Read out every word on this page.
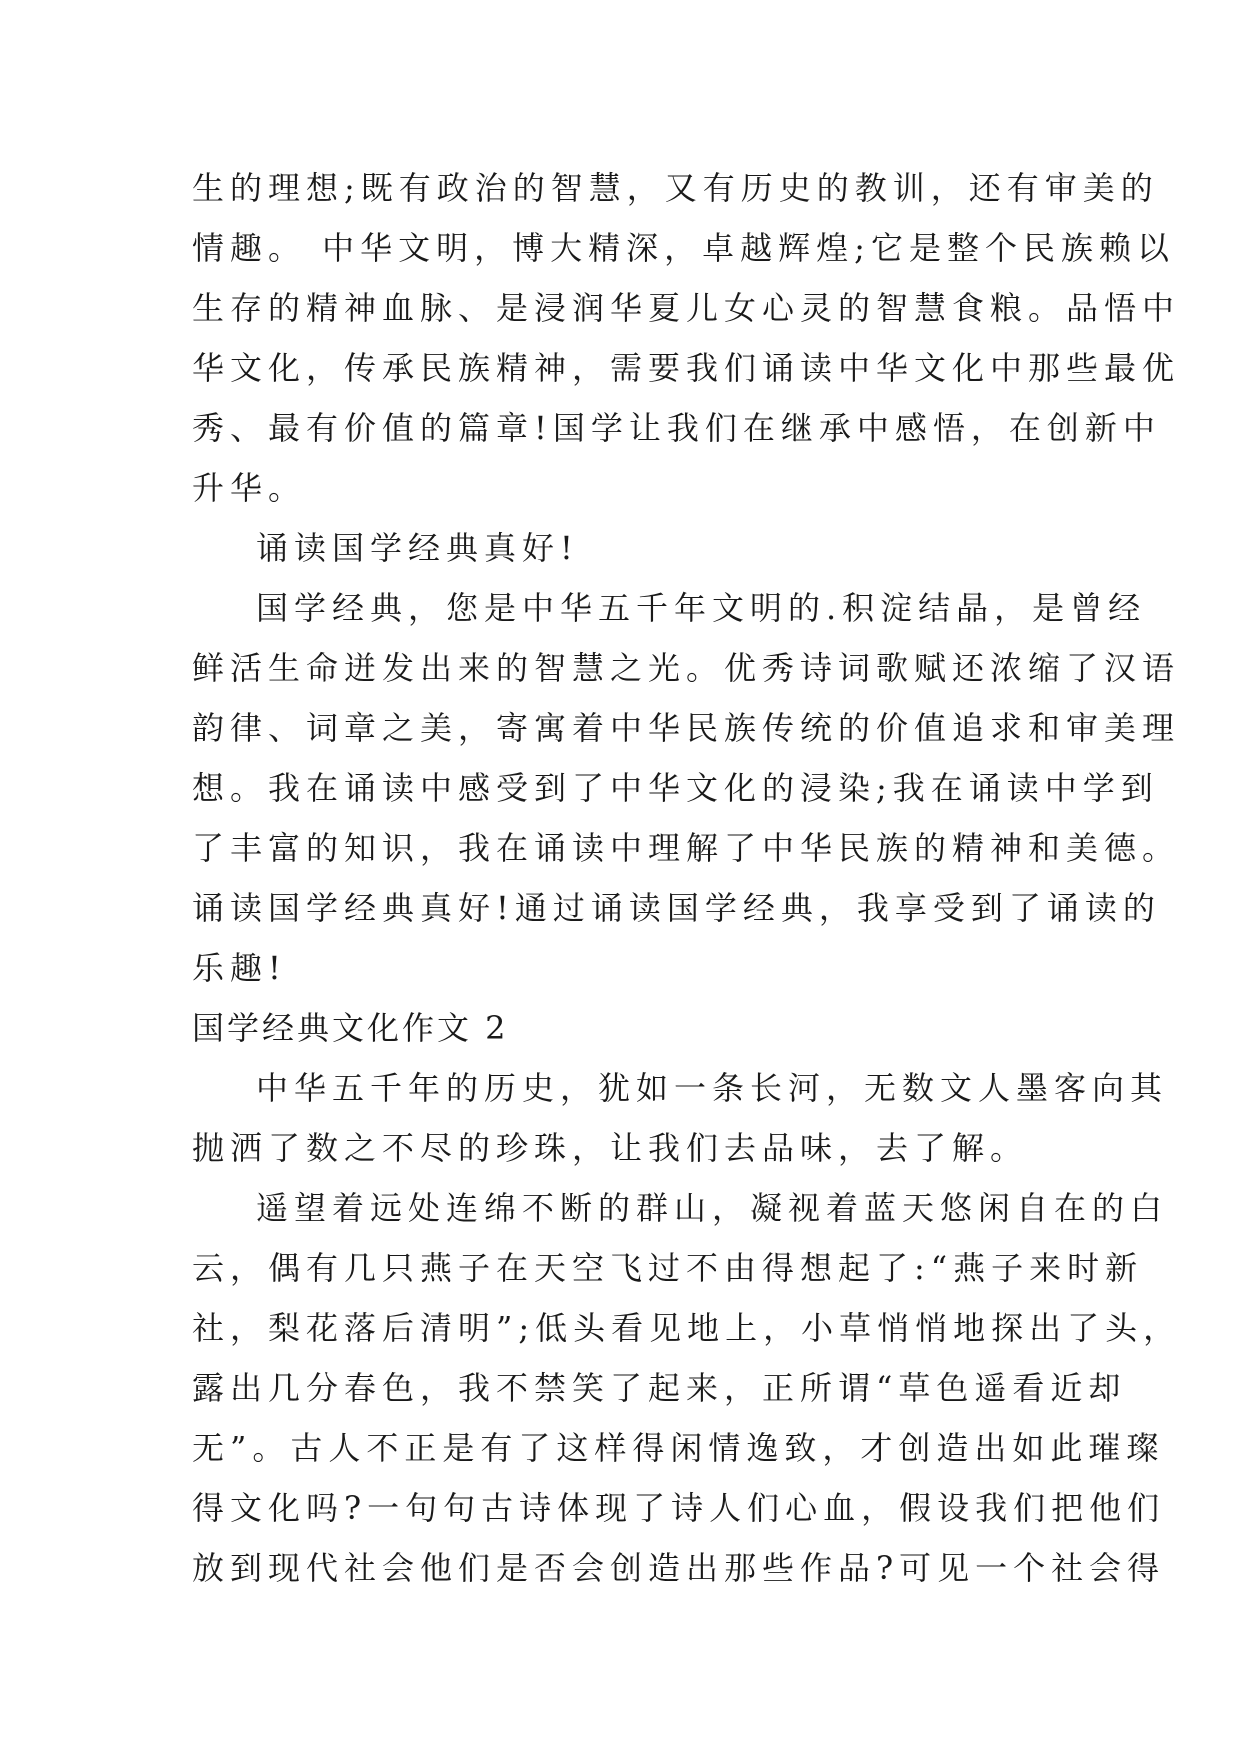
生的理想;既有政治的智慧，又有历史的教训，还有审美的
情趣。 中华文明，博大精深，卓越辉煌;它是整个民族赖以
生存的精神血脉、是浸润华夏儿女心灵的智慧食粮。品悟中
华文化，传承民族精神，需要我们诵读中华文化中那些最优
秀、最有价值的篇章!国学让我们在继承中感悟，在创新中
升华。
诵读国学经典真好!
国学经典，您是中华五千年文明的.积淀结晶，是曾经
鲜活生命迸发出来的智慧之光。优秀诗词歌赋还浓缩了汉语
韵律、词章之美，寄寓着中华民族传统的价值追求和审美理
想。我在诵读中感受到了中华文化的浸染;我在诵读中学到
了丰富的知识，我在诵读中理解了中华民族的精神和美德。
诵读国学经典真好!通过诵读国学经典，我享受到了诵读的
乐趣!
国学经典文化作文 2
中华五千年的历史，犹如一条长河，无数文人墨客向其
抛洒了数之不尽的珍珠，让我们去品味，去了解。
遥望着远处连绵不断的群山，凝视着蓝天悠闲自在的白
云，偶有几只燕子在天空飞过不由得想起了:“燕子来时新
社，梨花落后清明”;低头看见地上，小草悄悄地探出了头，
露出几分春色，我不禁笑了起来，正所谓“草色遥看近却
无”。古人不正是有了这样得闲情逸致，才创造出如此璀璨
得文化吗?一句句古诗体现了诗人们心血，假设我们把他们
放到现代社会他们是否会创造出那些作品?可见一个社会得
